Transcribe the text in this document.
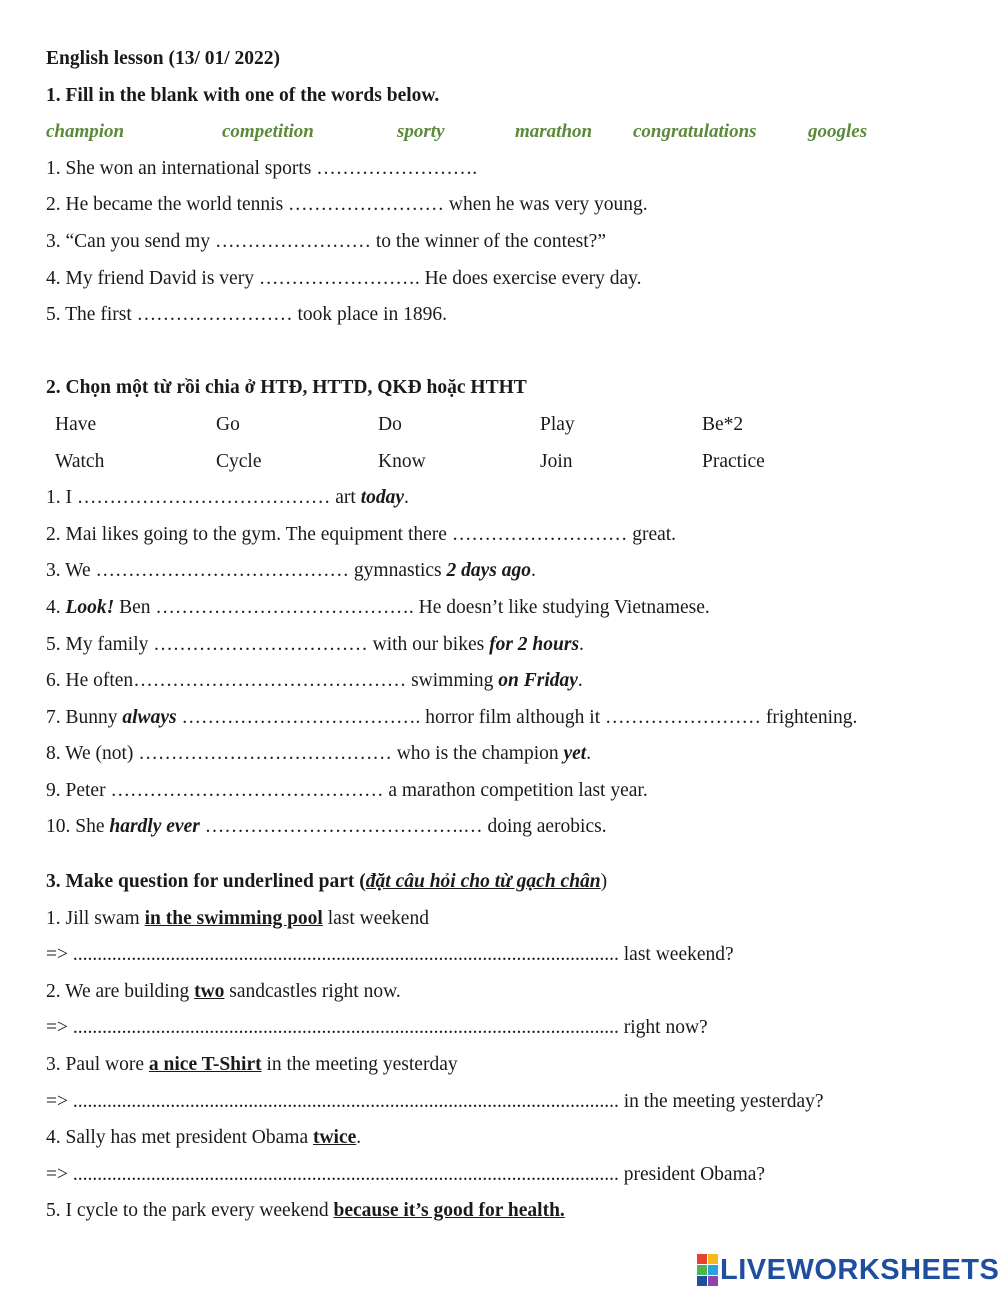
English lesson (13/ 01/ 2022)
1. Fill in the blank with one of the words below.
champion	competition	sporty	marathon congratulations	googles
1. She won an international sports …………………….
2. He became the world tennis …………………… when he was very young.
3. “Can you send my …………………… to the winner of the contest?”
4. My friend David is very ……………………. He does exercise every day.
5. The first …………………… took place in 1896.
2. Chọn một từ rồi chia ở HTĐ, HTTD, QKĐ hoặc HTHT
Have	Go	Do	Play	Be*2
Watch	Cycle	Know	Join	Practice
1. I ………………………………… art today.
2. Mai likes going to the gym. The equipment there ……………………… great.
3. We ………………………………… gymnastics 2 days ago.
4. Look! Ben …………………………………. He doesn’t like studying Vietnamese.
5. My family …………………………… with our bikes for 2 hours.
6. He often…………………………………… swimming on Friday.
7. Bunny always ………………………………. horror film although it …………………… frightening.
8. We (not) ………………………………… who is the champion yet.
9. Peter …………………………………… a marathon competition last year.
10. She hardly ever ………………………………….… doing aerobics.
3. Make question for underlined part (đặt câu hỏi cho từ gạch chân)
1. Jill swam in the swimming pool last weekend
=> ................................................................................................................ last weekend?
2. We are building two sandcastles right now.
=> ................................................................................................................ right now?
3. Paul wore a nice T-Shirt in the meeting yesterday
=> ................................................................................................................ in the meeting yesterday?
4. Sally has met president Obama twice.
=> ................................................................................................................ president Obama?
5. I cycle to the park every weekend because it’s good for health.
LIVEWORKSHEETS
